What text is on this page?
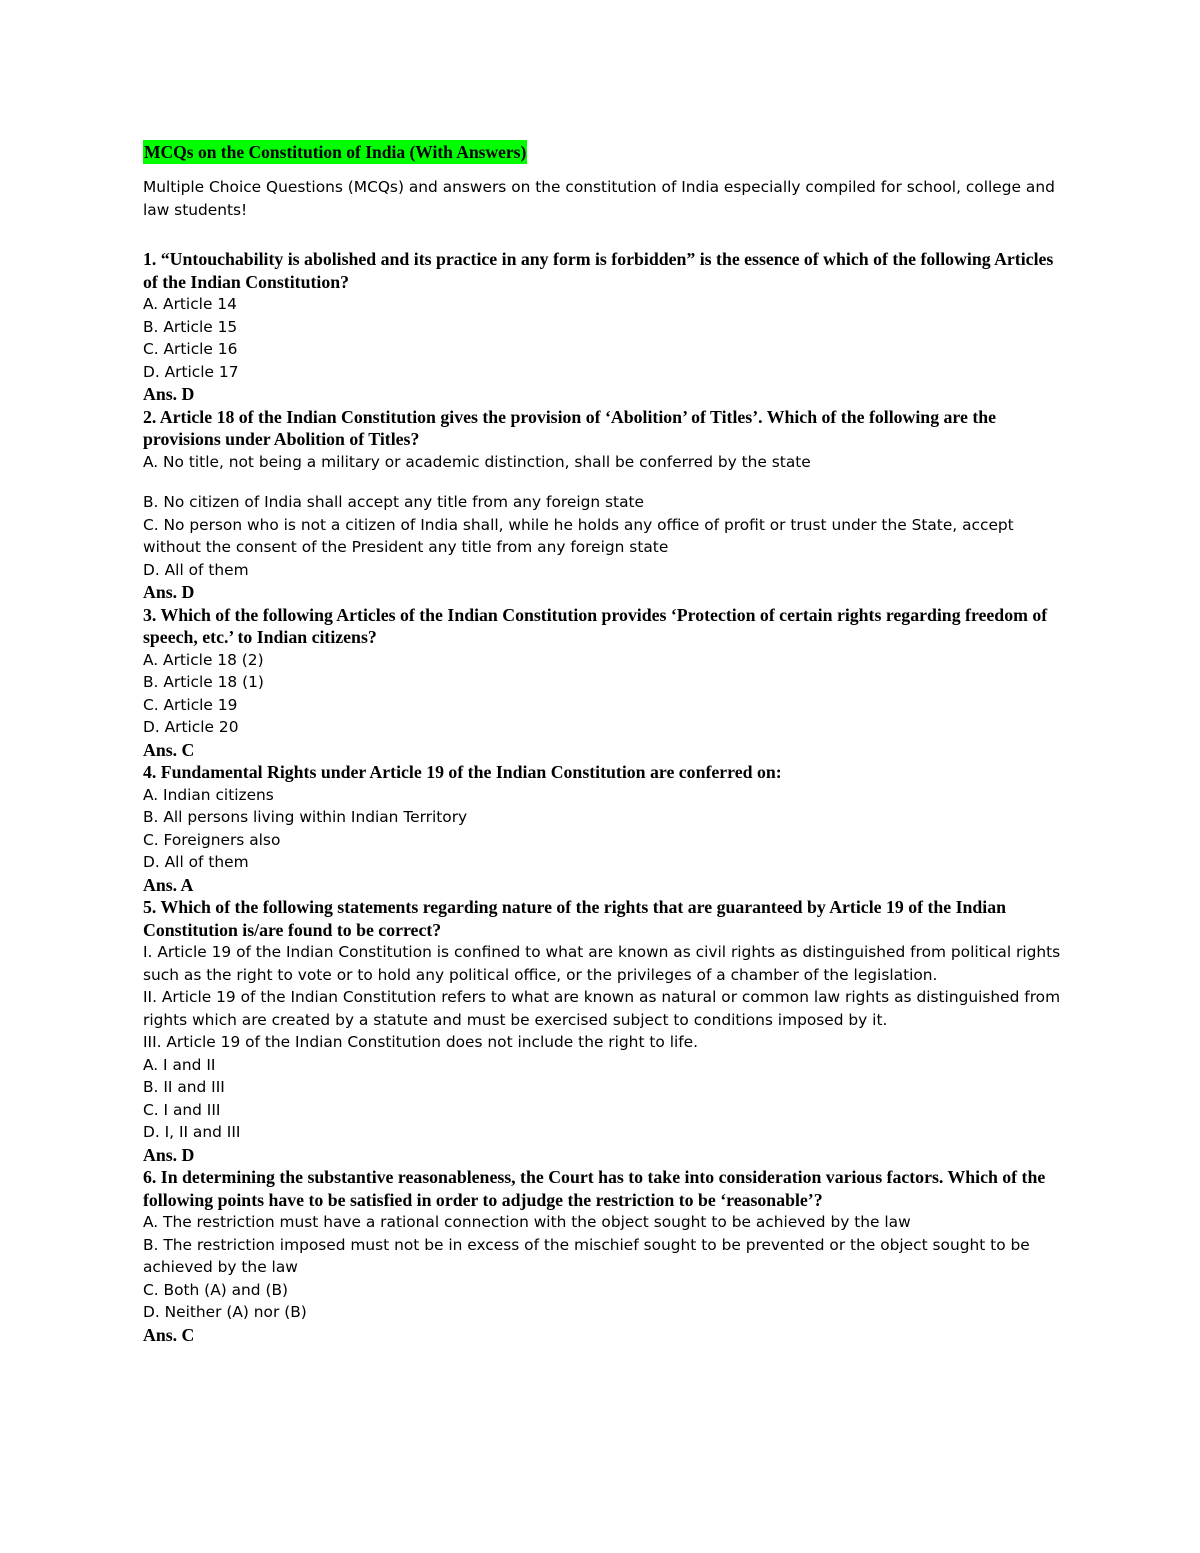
MCQs on the Constitution of India (With Answers)

Multiple Choice Questions (MCQs) and answers on the constitution of India especially compiled for school, college and law students!

1. “Untouchability is abolished and its practice in any form is forbidden” is the essence of which of the following Articles of the Indian Constitution?

A. Article 14

B. Article 15

C. Article 16

D. Article 17

Ans. D

2. Article 18 of the Indian Constitution gives the provision of ‘Abolition’ of Titles’. Which of the following are the provisions under Abolition of Titles?

A. No title, not being a military or academic distinction, shall be conferred by the state

B. No citizen of India shall accept any title from any foreign state

C. No person who is not a citizen of India shall, while he holds any office of profit or trust under the State, accept without the consent of the President any title from any foreign state

D. All of them

Ans. D

3. Which of the following Articles of the Indian Constitution provides ‘Protection of certain rights regarding freedom of speech, etc.’ to Indian citizens?

A. Article 18 (2)

B. Article 18 (1)

C. Article 19

D. Article 20

Ans. C

4. Fundamental Rights under Article 19 of the Indian Constitution are conferred on:

A. Indian citizens

B. All persons living within Indian Territory

C. Foreigners also

D. All of them

Ans. A

5. Which of the following statements regarding nature of the rights that are guaranteed by Article 19 of the Indian Constitution is/are found to be correct?

I. Article 19 of the Indian Constitution is confined to what are known as civil rights as distinguished from political rights such as the right to vote or to hold any political office, or the privileges of a chamber of the legislation.

II. Article 19 of the Indian Constitution refers to what are known as natural or common law rights as distinguished from rights which are created by a statute and must be exercised subject to conditions imposed by it.

III. Article 19 of the Indian Constitution does not include the right to life.

A. I and II

B. II and III

C. I and III

D. I, II and III

Ans. D

6. In determining the substantive reasonableness, the Court has to take into consideration various factors. Which of the following points have to be satisfied in order to adjudge the restriction to be ‘reasonable’?

A. The restriction must have a rational connection with the object sought to be achieved by the law

B. The restriction imposed must not be in excess of the mischief sought to be prevented or the object sought to be achieved by the law

C. Both (A) and (B)

D. Neither (A) nor (B)

Ans. C
